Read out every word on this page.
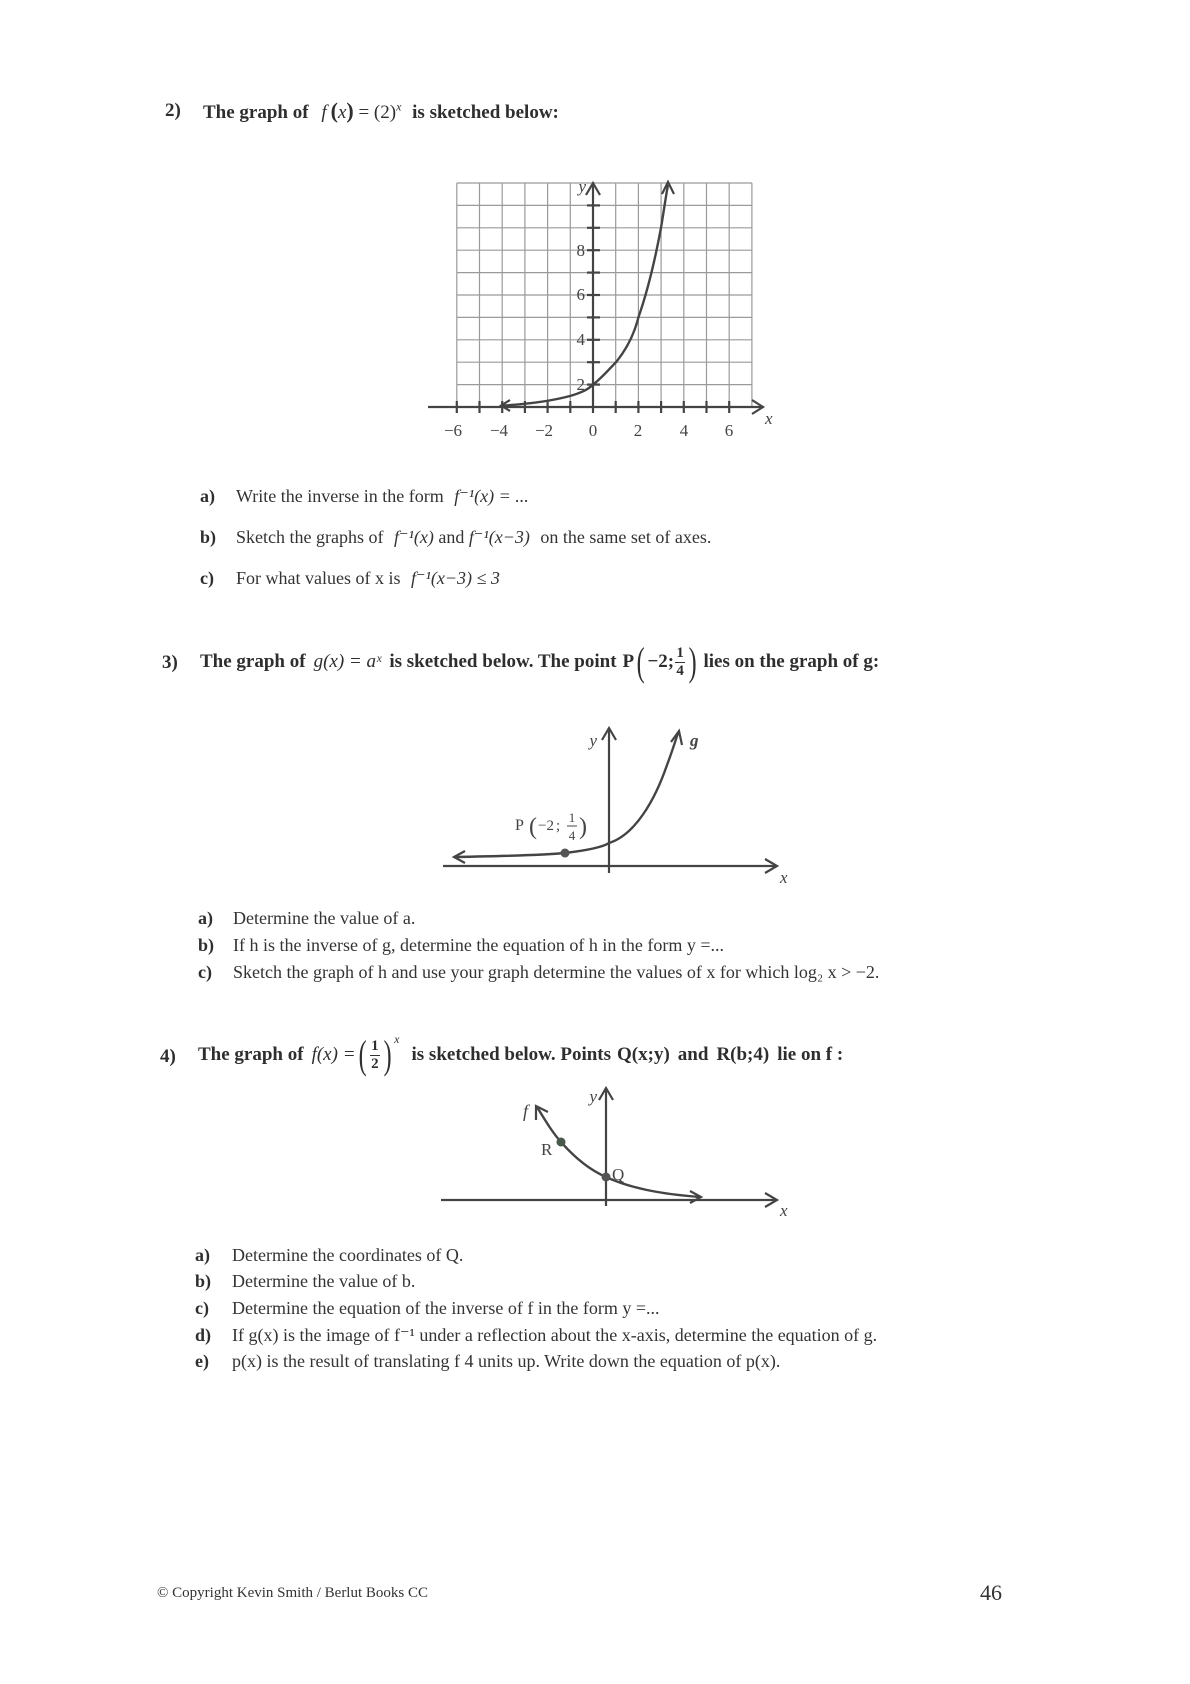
2) The graph of f $(x) = (2)^x$ is sketched below:
y
x
2
4
6
8
−6 −4 −2 0 2 4 6
a) Write the inverse in the form f⁻¹(x) = ...
b) Sketch the graphs of f⁻¹(x) and f⁻¹(x−3) on the same set of axes.
c) For what values of x is f⁻¹(x−3) ≤ 3
3) The graph of g(x) = aˣ is sketched below. The point P ( −2 ; $\frac{1}{4}$ ) lies on the graph of g:
y
x
g
P ( −2 ;
1
4 )
a) Determine the value of a.
b) If h is the inverse of g, determine the equation of h in the form y =...
c) Sketch the graph of h and use your graph determine the values of x for which log₂ x > −2.
4) The graph of f(x) = ( $\frac{1}{2} )^x$
is sketched below. Points Q(x;y) and R(b;4) lie on f :
y
x
f
R
Q
a) Determine the coordinates of Q.
b) Determine the value of b.
c) Determine the equation of the inverse of f in the form y =...
d) If g(x) is the image of f⁻¹ under a reflection about the x-axis, determine the equation of g.
e) p(x) is the result of translating f 4 units up. Write down the equation of p(x).
© Copyright Kevin Smith / Berlut Books CC	46
